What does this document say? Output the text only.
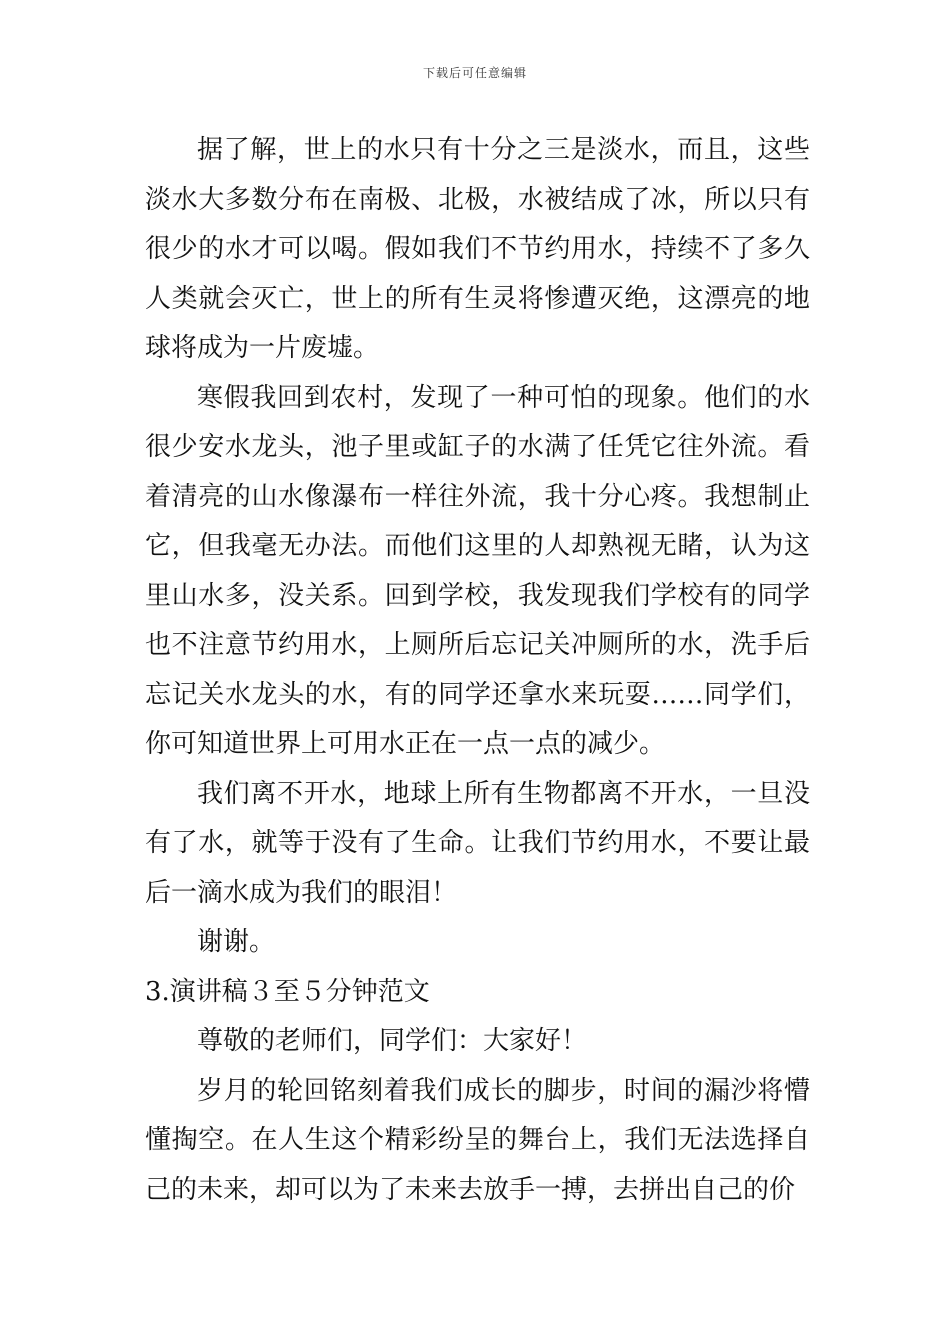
下载后可任意编辑

据了解，世上的水只有十分之三是淡水，而且，这些淡水大多数分布在南极、北极，水被结成了冰，所以只有很少的水才可以喝。假如我们不节约用水，持续不了多久人类就会灭亡，世上的所有生灵将惨遭灭绝，这漂亮的地球将成为一片废墟。

寒假我回到农村，发现了一种可怕的现象。他们的水很少安水龙头，池子里或缸子的水满了任凭它往外流。看着清亮的山水像瀑布一样往外流，我十分心疼。我想制止它，但我毫无办法。而他们这里的人却熟视无睹，认为这里山水多，没关系。回到学校，我发现我们学校有的同学也不注意节约用水，上厕所后忘记关冲厕所的水，洗手后忘记关水龙头的水，有的同学还拿水来玩耍……同学们，你可知道世界上可用水正在一点一点的减少。

我们离不开水，地球上所有生物都离不开水，一旦没有了水，就等于没有了生命。让我们节约用水，不要让最后一滴水成为我们的眼泪！

谢谢。

3.演讲稿３至５分钟范文

尊敬的老师们，同学们：大家好！

岁月的轮回铭刻着我们成长的脚步，时间的漏沙将懵懂掏空。在人生这个精彩纷呈的舞台上，我们无法选择自己的未来，却可以为了未来去放手一搏，去拼出自己的价
